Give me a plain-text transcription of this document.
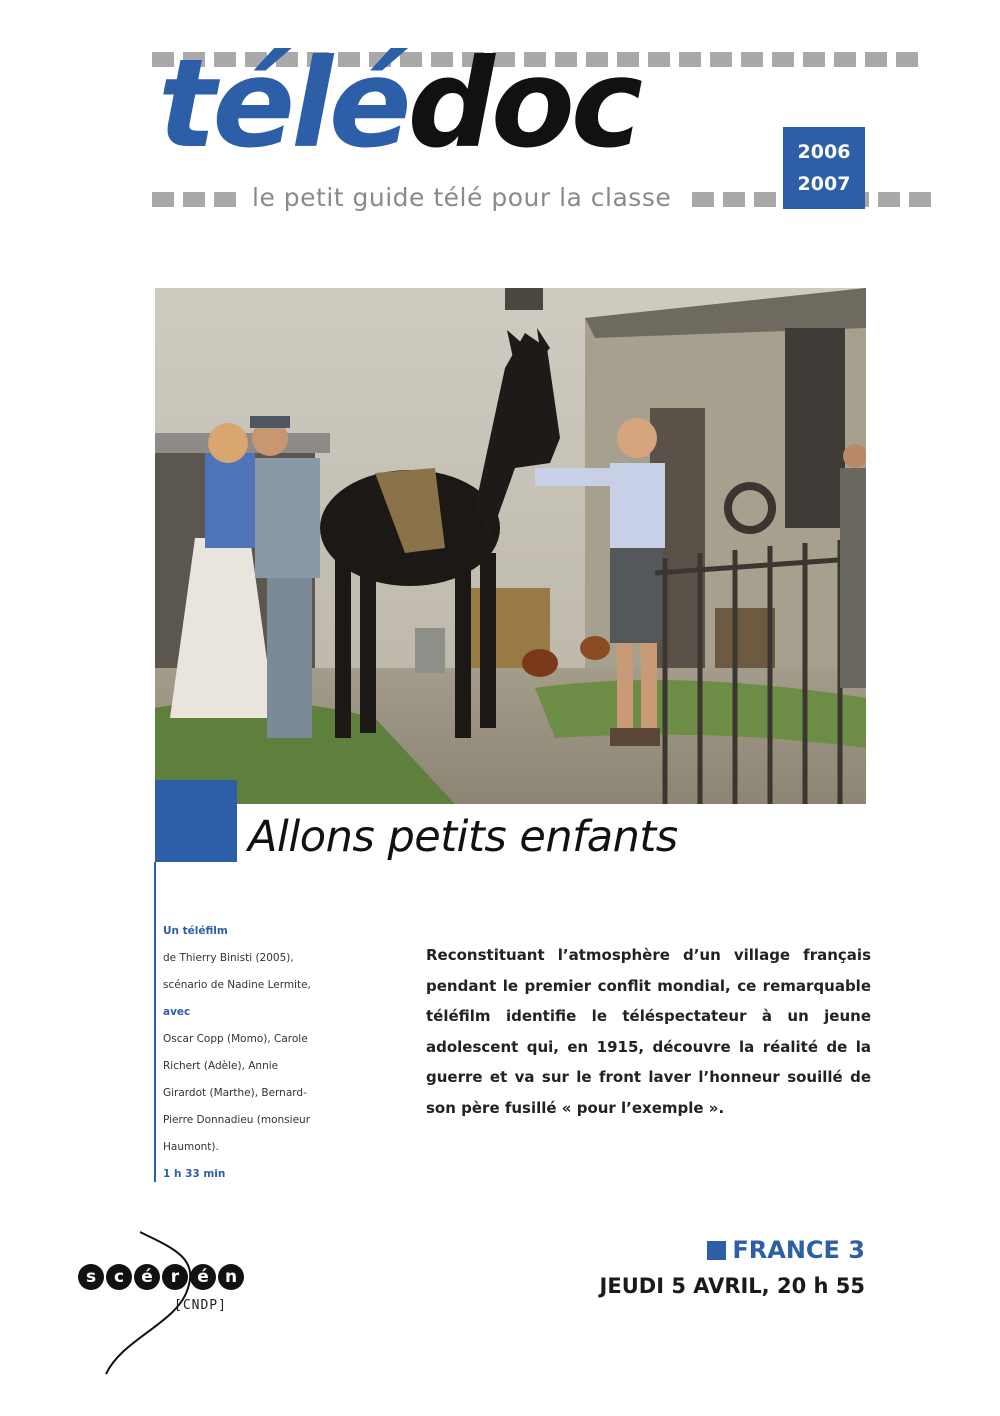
télédoc
le petit guide télé pour la classe
2006
2007
Allons petits enfants
Un téléfilm
de Thierry Binisti (2005),
scénario de Nadine Lermite,
avec
Oscar Copp (Momo), Carole
Richert (Adèle), Annie
Girardot (Marthe), Bernard-
Pierre Donnadieu (monsieur
Haumont).
1 h 33 min
Reconstituant l’atmosphère d’un village français pendant le premier conflit mondial, ce remarquable téléfilm identifie le téléspectateur à un jeune adolescent qui, en 1915, découvre la réalité de la guerre et va sur le front laver l’honneur souillé de son père fusillé « pour l’exemple ».
FRANCE 3
JEUDI 5 AVRIL, 20 h 55
s	c	é	r	é n
[CNDP]
